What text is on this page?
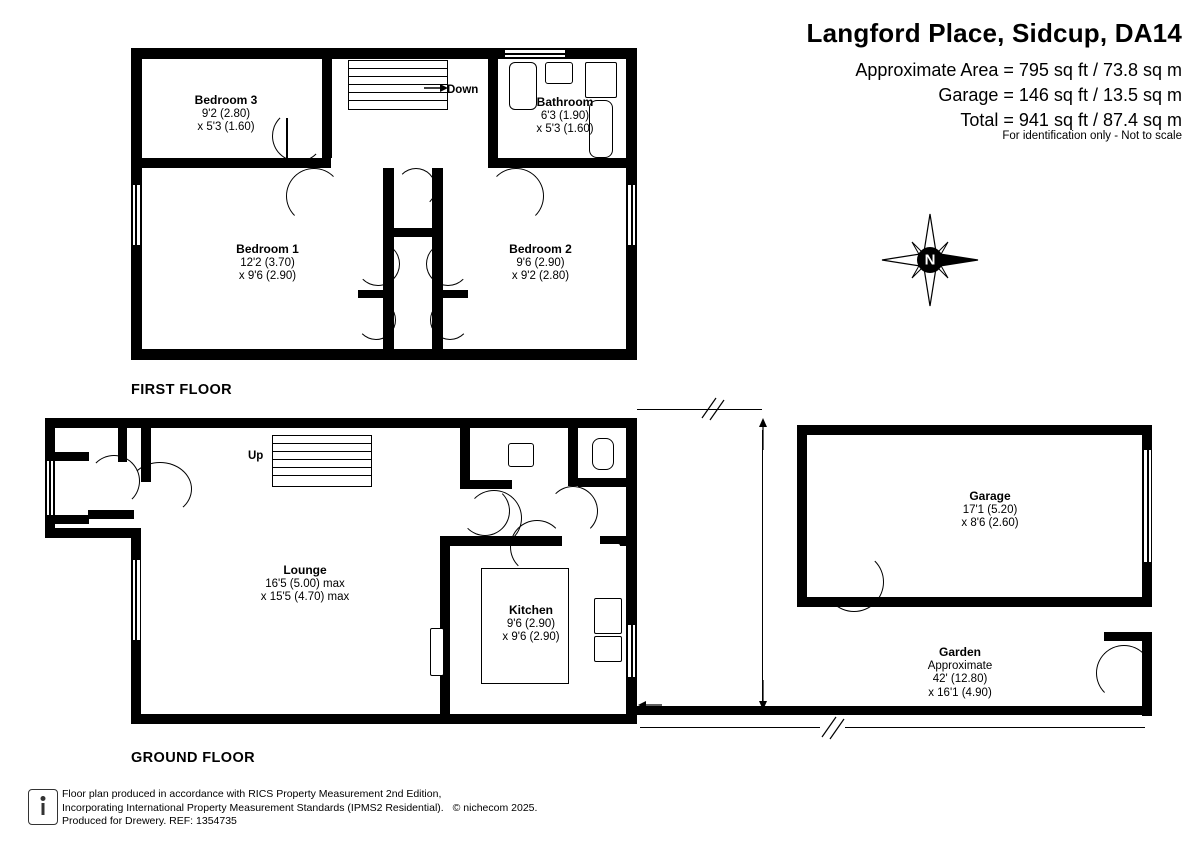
Langford Place, Sidcup, DA14
Approximate Area = 795 sq ft / 73.8 sq m
Garage = 146 sq ft / 13.5 sq m
Total = 941 sq ft / 87.4 sq m
For identification only - Not to scale
N
Down
Bedroom 3
9'2 (2.80)
x 5'3 (1.60)
Bathroom
6'3 (1.90)
x 5'3 (1.60)
Bedroom 1
12'2 (3.70)
x 9'6 (2.90)
Bedroom 2
9'6 (2.90)
x 9'2 (2.80)
FIRST FLOOR
Up
Lounge
16'5 (5.00) max
x 15'5 (4.70) max
Kitchen
9'6 (2.90)
x 9'6 (2.90)
Garage
17'1 (5.20)
x 8'6 (2.60)
Garden
Approximate
42' (12.80)
x 16'1 (4.90)
GROUND FLOOR
Floor plan produced in accordance with RICS Property Measurement 2nd Edition,
Incorporating International Property Measurement Standards (IPMS2 Residential). © nichecom 2025.
Produced for Drewery. REF: 1354735
